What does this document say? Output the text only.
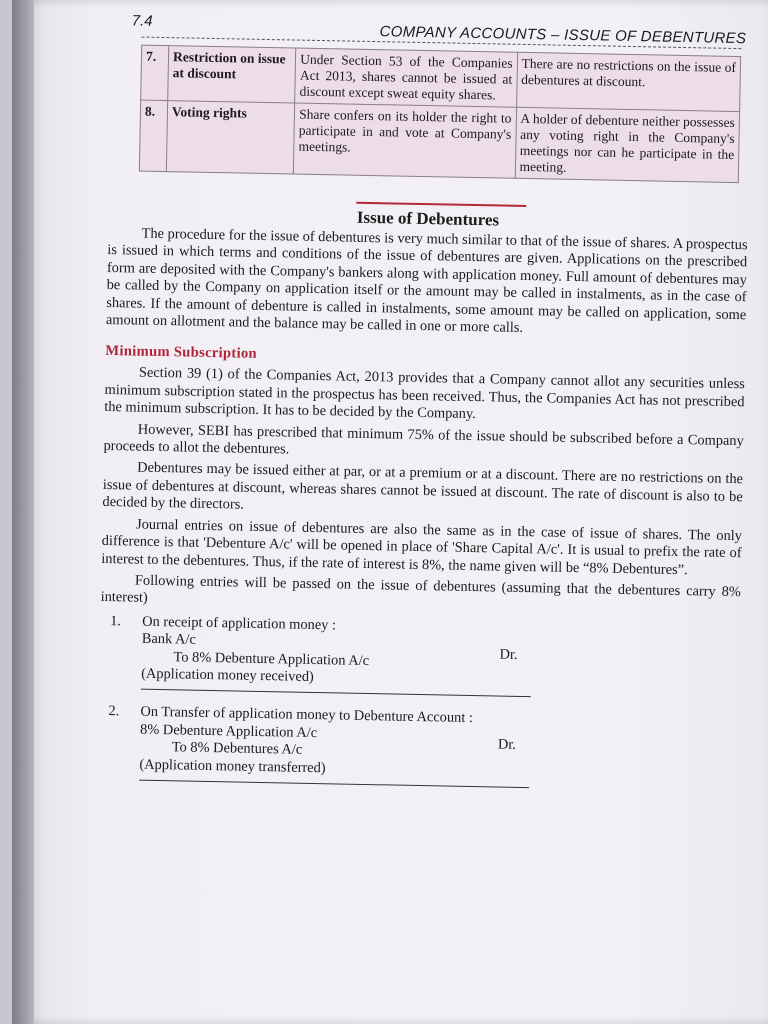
7.4
COMPANY ACCOUNTS – ISSUE OF DEBENTURES
7.	Restriction on issue at discount	Under Section 53 of the Companies Act 2013, shares cannot be issued at discount except sweat equity shares.	There are no restrictions on the issue of debentures at discount.
8.	Voting rights	Share confers on its holder the right to participate in and vote at Company's meetings.	A holder of debenture neither possesses any voting right in the Company's meetings nor can he participate in the meeting.
Issue of Debentures

The procedure for the issue of debentures is very much similar to that of the issue of shares. A prospectus is issued in which terms and conditions of the issue of debentures are given. Applications on the prescribed form are deposited with the Company's bankers along with application money. Full amount of debentures may be called by the Company on application itself or the amount may be called in instalments, as in the case of shares. If the amount of debenture is called in instalments, some amount may be called on application, some amount on allotment and the balance may be called in one or more calls.

Minimum Subscription

Section 39 (1) of the Companies Act, 2013 provides that a Company cannot allot any securities unless minimum subscription stated in the prospectus has been received. Thus, the Companies Act has not prescribed the minimum subscription. It has to be decided by the Company.

However, SEBI has prescribed that minimum 75% of the issue should be subscribed before a Company proceeds to allot the debentures.

Debentures may be issued either at par, or at a premium or at a discount. There are no restrictions on the issue of debentures at discount, whereas shares cannot be issued at discount. The rate of discount is also to be decided by the directors.

Journal entries on issue of debentures are also the same as in the case of issue of shares. The only difference is that 'Debenture A/c' will be opened in place of 'Share Capital A/c'. It is usual to prefix the rate of interest to the debentures. Thus, if the rate of interest is 8%, the name given will be “8% Debentures”.

Following entries will be passed on the issue of debentures (assuming that the debentures carry 8% interest)

1.	On receipt of application money :
Bank A/c
Dr.
To 8% Debenture Application A/c
(Application money received)
2.	On Transfer of application money to Debenture Account :
8% Debenture Application A/c
Dr.
To 8% Debentures A/c
(Application money transferred)
